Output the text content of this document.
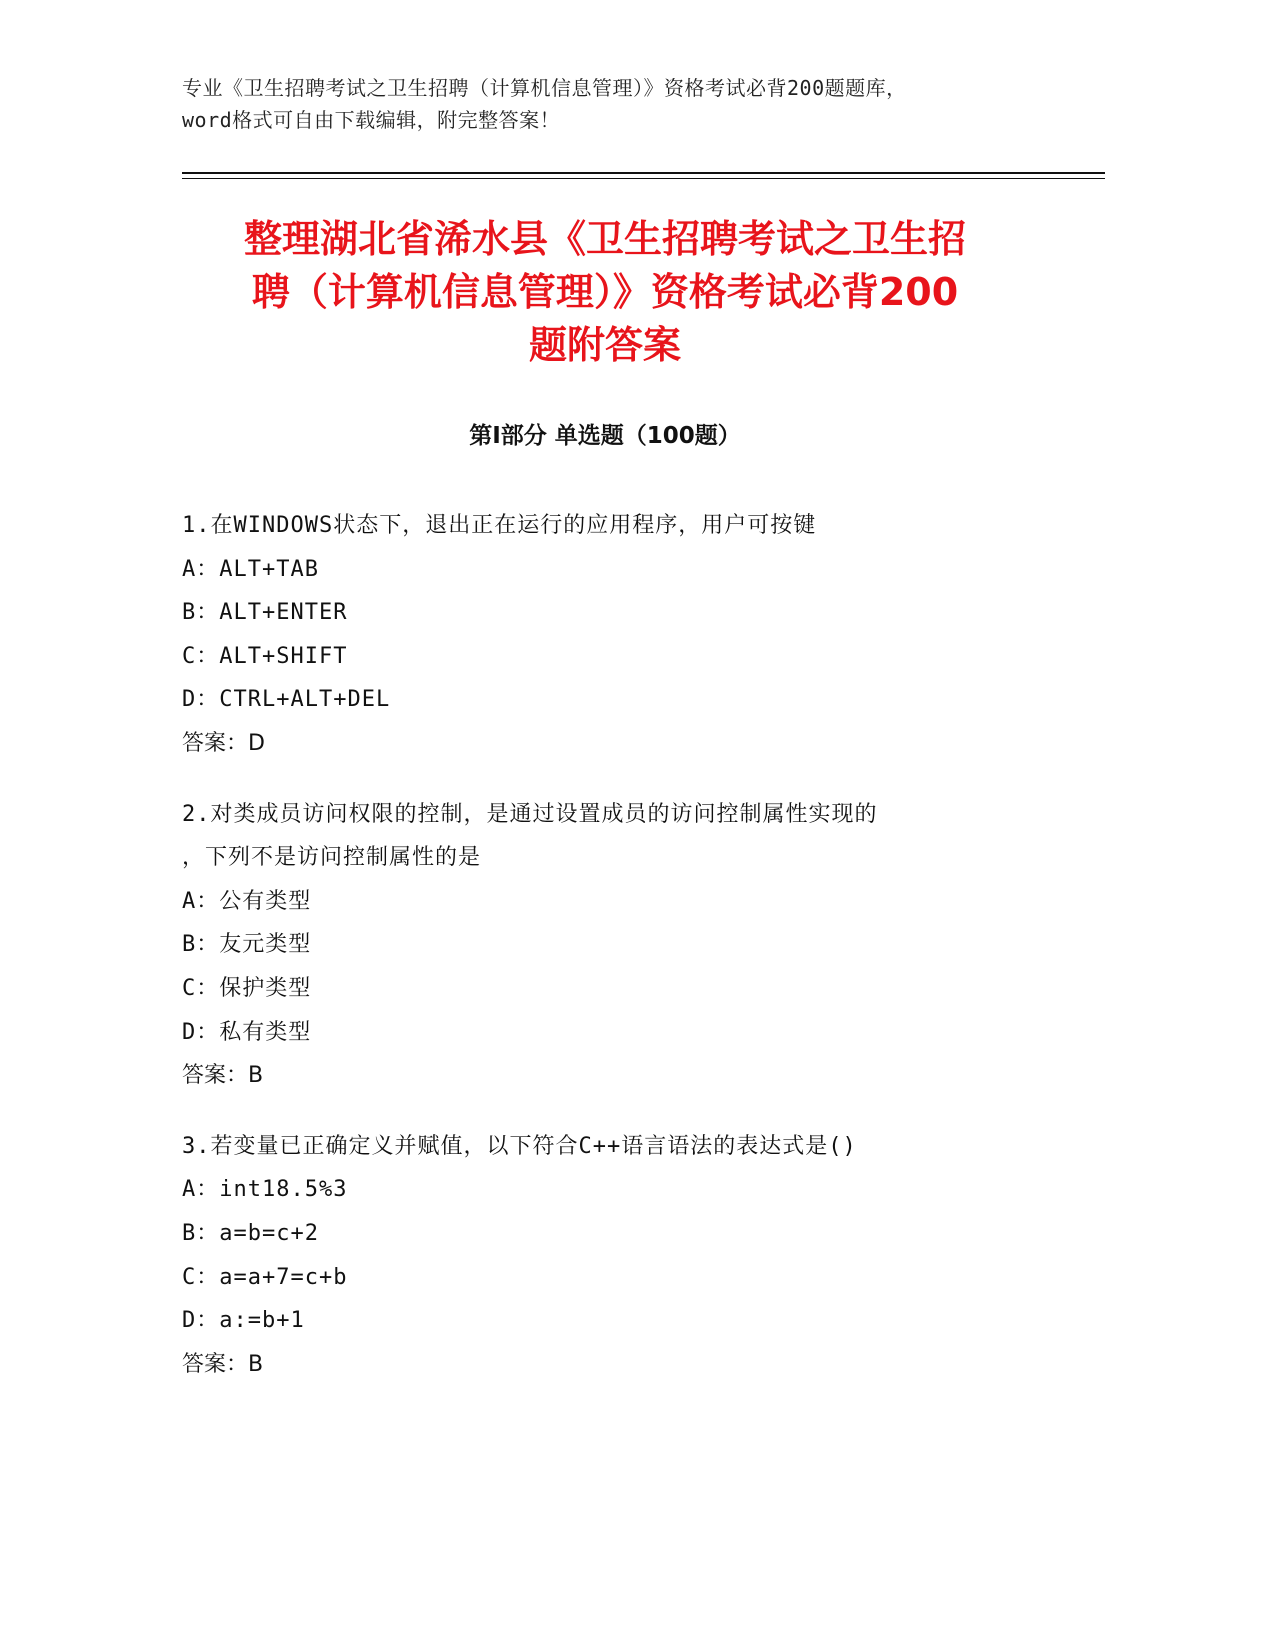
专业《卫生招聘考试之卫生招聘（计算机信息管理）》资格考试必背200题题库，
word格式可自由下载编辑，附完整答案！
整理湖北省浠水县《卫生招聘考试之卫生招
聘（计算机信息管理）》资格考试必背200
题附答案
第Ⅰ部分 单选题（100题）
1.在WINDOWS状态下，退出正在运行的应用程序，用户可按键
A：ALT+TAB
B：ALT+ENTER
C：ALT+SHIFT
D：CTRL+ALT+DEL
答案：D
2.对类成员访问权限的控制，是通过设置成员的访问控制属性实现的
，下列不是访问控制属性的是
A：公有类型
B：友元类型
C：保护类型
D：私有类型
答案：B
3.若变量已正确定义并赋值，以下符合C++语言语法的表达式是()
A：int18.5%3
B：a=b=c+2
C：a=a+7=c+b
D：a:=b+1
答案：B
